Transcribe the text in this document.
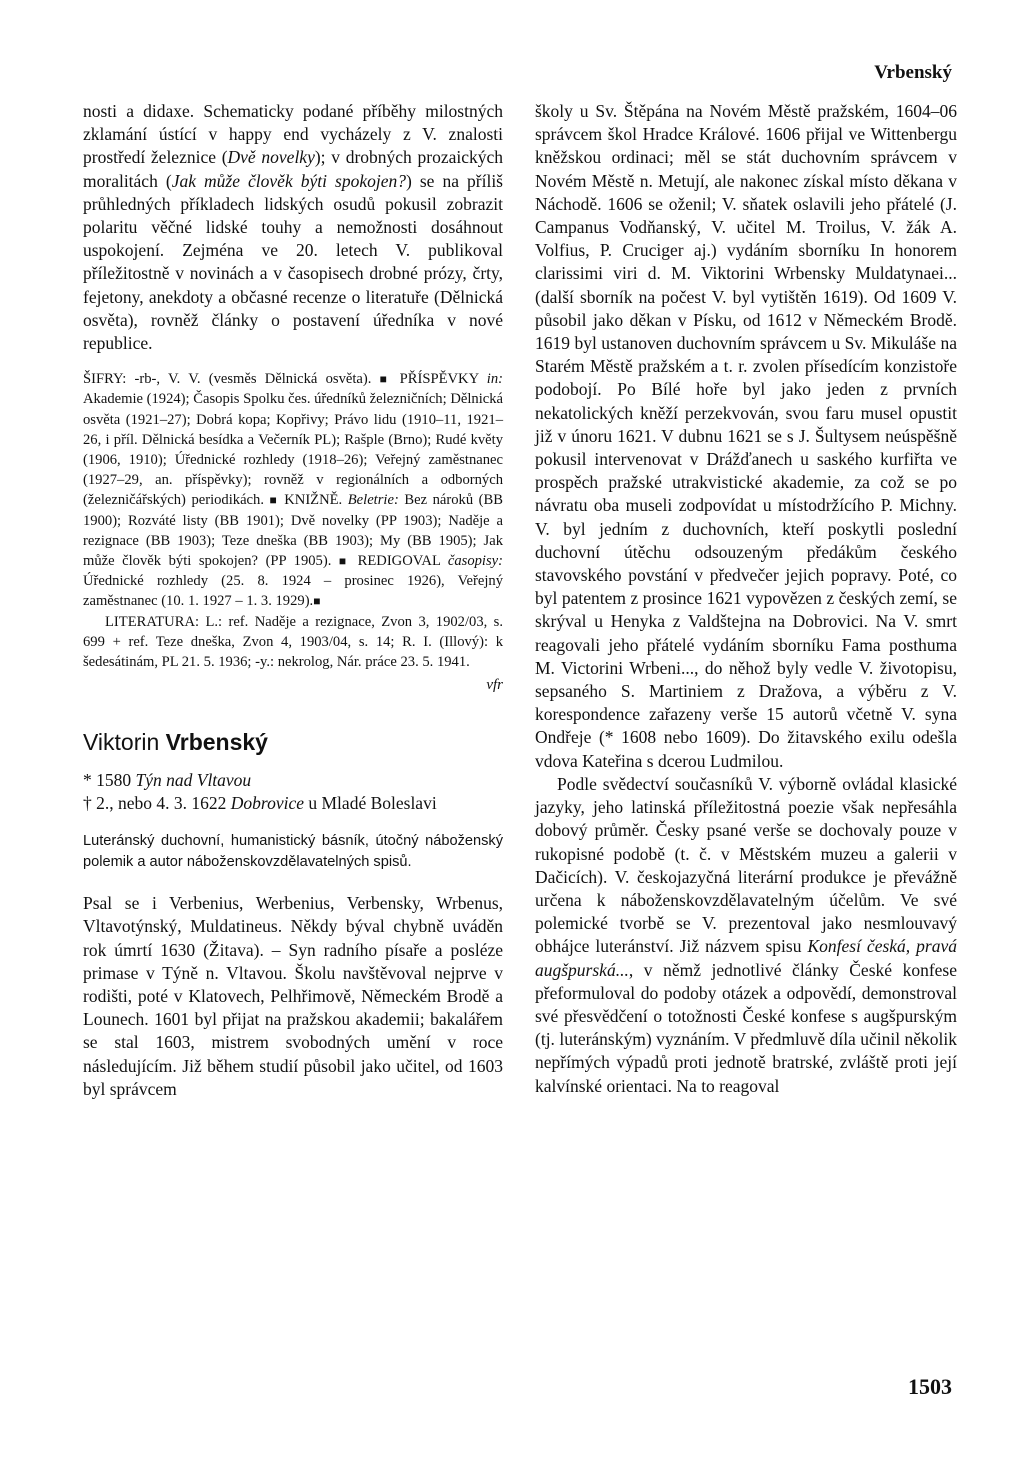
Vrbenský

nosti a didaxe. Schematicky podané příběhy milostných zklamání ústící v happy end vycházely z V. znalosti prostředí železnice (Dvě novelky); v drobných prozaických moralitách (Jak může člověk býti spokojen?) se na příliš průhledných příkladech lidských osudů pokusil zobrazit polaritu věčné lidské touhy a nemožnosti dosáhnout uspokojení. Zejména ve 20. letech V. publikoval příležitostně v novinách a v časopisech drobné prózy, črty, fejetony, anekdoty a občasné recenze o literatuře (Dělnická osvěta), rovněž články o postavení úředníka v nové republice.

ŠIFRY: -rb-, V. V. (vesměs Dělnická osvěta). ■ PŘÍSPĚVKY in: Akademie (1924); Časopis Spolku čes. úředníků železničních; Dělnická osvěta (1921–27); Dobrá kopa; Kopřivy; Právo lidu (1910–11, 1921–26, i příl. Dělnická besídka a Večerník PL); Rašple (Brno); Rudé květy (1906, 1910); Úřednické rozhledy (1918–26); Veřejný zaměstnanec (1927–29, an. příspěvky); rovněž v regionálních a odborných (železničářských) periodikách. ■ KNIŽNĚ. Beletrie: Bez nároků (BB 1900); Rozváté listy (BB 1901); Dvě novelky (PP 1903); Naděje a rezignace (BB 1903); Teze dneška (BB 1903); My (BB 1905); Jak může člověk býti spokojen? (PP 1905). ■ REDIGOVAL časopisy: Úřednické rozhledy (25. 8. 1924 – prosinec 1926), Veřejný zaměstnanec (10. 1. 1927 – 1. 3. 1929).■

LITERATURA: L.: ref. Naděje a rezignace, Zvon 3, 1902/03, s. 699 + ref. Teze dneška, Zvon 4, 1903/04, s. 14; R. I. (Illový): k šedesátinám, PL 21. 5. 1936; -y.: nekrolog, Nár. práce 23. 5. 1941.

vfr

Viktorin Vrbenský

* 1580 Týn nad Vltavou
† 2., nebo 4. 3. 1622 Dobrovice u Mladé Boleslavi

Luteránský duchovní, humanistický básník, útočný náboženský polemik a autor náboženskovzdělavatelných spisů.

Psal se i Verbenius, Werbenius, Verbensky, Wrbenus, Vltavotýnský, Muldatineus. Někdy býval chybně uváděn rok úmrtí 1630 (Žitava). – Syn radního písaře a posléze primase v Týně n. Vltavou. Školu navštěvoval nejprve v rodišti, poté v Klatovech, Pelhřimově, Německém Brodě a Lounech. 1601 byl přijat na pražskou akademii; bakalářem se stal 1603, mistrem svobodných umění v roce následujícím. Již během studií působil jako učitel, od 1603 byl správcem

školy u Sv. Štěpána na Novém Městě pražském, 1604–06 správcem škol Hradce Králové. 1606 přijal ve Wittenbergu kněžskou ordinaci; měl se stát duchovním správcem v Novém Městě n. Metují, ale nakonec získal místo děkana v Náchodě. 1606 se oženil; V. sňatek oslavili jeho přátelé (J. Campanus Vodňanský, V. učitel M. Troilus, V. žák A. Volfius, P. Cruciger aj.) vydáním sborníku In honorem clarissimi viri d. M. Viktorini Wrbensky Muldatynaei... (další sborník na počest V. byl vytištěn 1619). Od 1609 V. působil jako děkan v Písku, od 1612 v Německém Brodě. 1619 byl ustanoven duchovním správcem u Sv. Mikuláše na Starém Městě pražském a t. r. zvolen přísedícím konzistoře podobojí. Po Bílé hoře byl jako jeden z prvních nekatolických kněží perzekvován, svou faru musel opustit již v únoru 1621. V dubnu 1621 se s J. Šultysem neúspěšně pokusil intervenovat v Drážďanech u saského kurfiřta ve prospěch pražské utrakvistické akademie, za což se po návratu oba museli zodpovídat u místodržícího P. Michny. V. byl jedním z duchovních, kteří poskytli poslední duchovní útěchu odsouzeným předákům českého stavovského povstání v předvečer jejich popravy. Poté, co byl patentem z prosince 1621 vypovězen z českých zemí, se skrýval u Henyka z Valdštejna na Dobrovici. Na V. smrt reagovali jeho přátelé vydáním sborníku Fama posthuma M. Victorini Wrbeni..., do něhož byly vedle V. životopisu, sepsaného S. Martiniem z Dražova, a výběru z V. korespondence zařazeny verše 15 autorů včetně V. syna Ondřeje (* 1608 nebo 1609). Do žitavského exilu odešla vdova Kateřina s dcerou Ludmilou.

Podle svědectví současníků V. výborně ovládal klasické jazyky, jeho latinská příležitostná poezie však nepřesáhla dobový průměr. Česky psané verše se dochovaly pouze v rukopisné podobě (t. č. v Městském muzeu a galerii v Dačicích). V. českojazyčná literární produkce je převážně určena k náboženskovzdělavatelným účelům. Ve své polemické tvorbě se V. prezentoval jako nesmlouvavý obhájce luteránství. Již názvem spisu Konfesí česká, pravá augšpurská..., v němž jednotlivé články České konfese přeformuloval do podoby otázek a odpovědí, demonstroval své přesvědčení o totožnosti České konfese s augšpurským (tj. luteránským) vyznáním. V předmluvě díla učinil několik nepřímých výpadů proti jednotě bratrské, zvláště proti její kalvínské orientaci. Na to reagoval

1503
